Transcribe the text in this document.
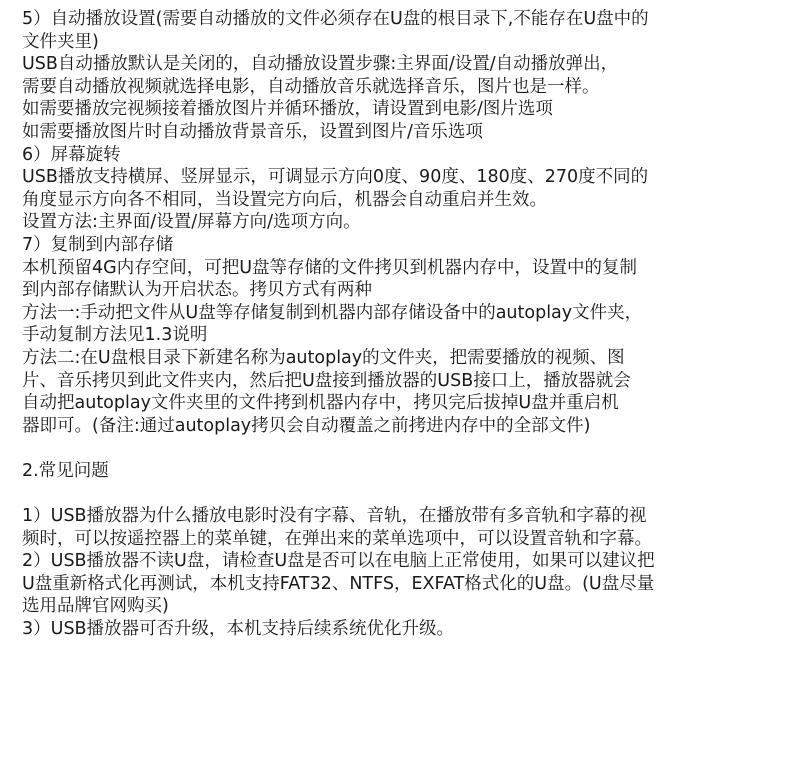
5）自动播放设置(需要自动播放的文件必须存在U盘的根目录下,不能存在U盘中的
文件夹里)
USB自动播放默认是关闭的，自动播放设置步骤:主界面/设置/自动播放弹出，
需要自动播放视频就选择电影，自动播放音乐就选择音乐，图片也是一样。
如需要播放完视频接着播放图片并循环播放，请设置到电影/图片选项
如需要播放图片时自动播放背景音乐，设置到图片/音乐选项
6）屏幕旋转
USB播放支持横屏、竖屏显示，可调显示方向0度、90度、180度、270度不同的
角度显示方向各不相同，当设置完方向后，机器会自动重启并生效。
设置方法:主界面/设置/屏幕方向/选项方向。
7）复制到内部存储
本机预留4G内存空间，可把U盘等存储的文件拷贝到机器内存中，设置中的复制
到内部存储默认为开启状态。拷贝方式有两种
方法一:手动把文件从U盘等存储复制到机器内部存储设备中的autoplay文件夹，
手动复制方法见1.3说明
方法二:在U盘根目录下新建名称为autoplay的文件夹，把需要播放的视频、图
片、音乐拷贝到此文件夹内，然后把U盘接到播放器的USB接口上，播放器就会
自动把autoplay文件夹里的文件拷到机器内存中，拷贝完后拔掉U盘并重启机
器即可。(备注:通过autoplay拷贝会自动覆盖之前拷进内存中的全部文件)
2.常见问题
1）USB播放器为什么播放电影时没有字幕、音轨，在播放带有多音轨和字幕的视
频时，可以按遥控器上的菜单键，在弹出来的菜单选项中，可以设置音轨和字幕。
2）USB播放器不读U盘，请检查U盘是否可以在电脑上正常使用，如果可以建议把
U盘重新格式化再测试，本机支持FAT32、NTFS，EXFAT格式化的U盘。(U盘尽量
选用品牌官网购买)
3）USB播放器可否升级，本机支持后续系统优化升级。
